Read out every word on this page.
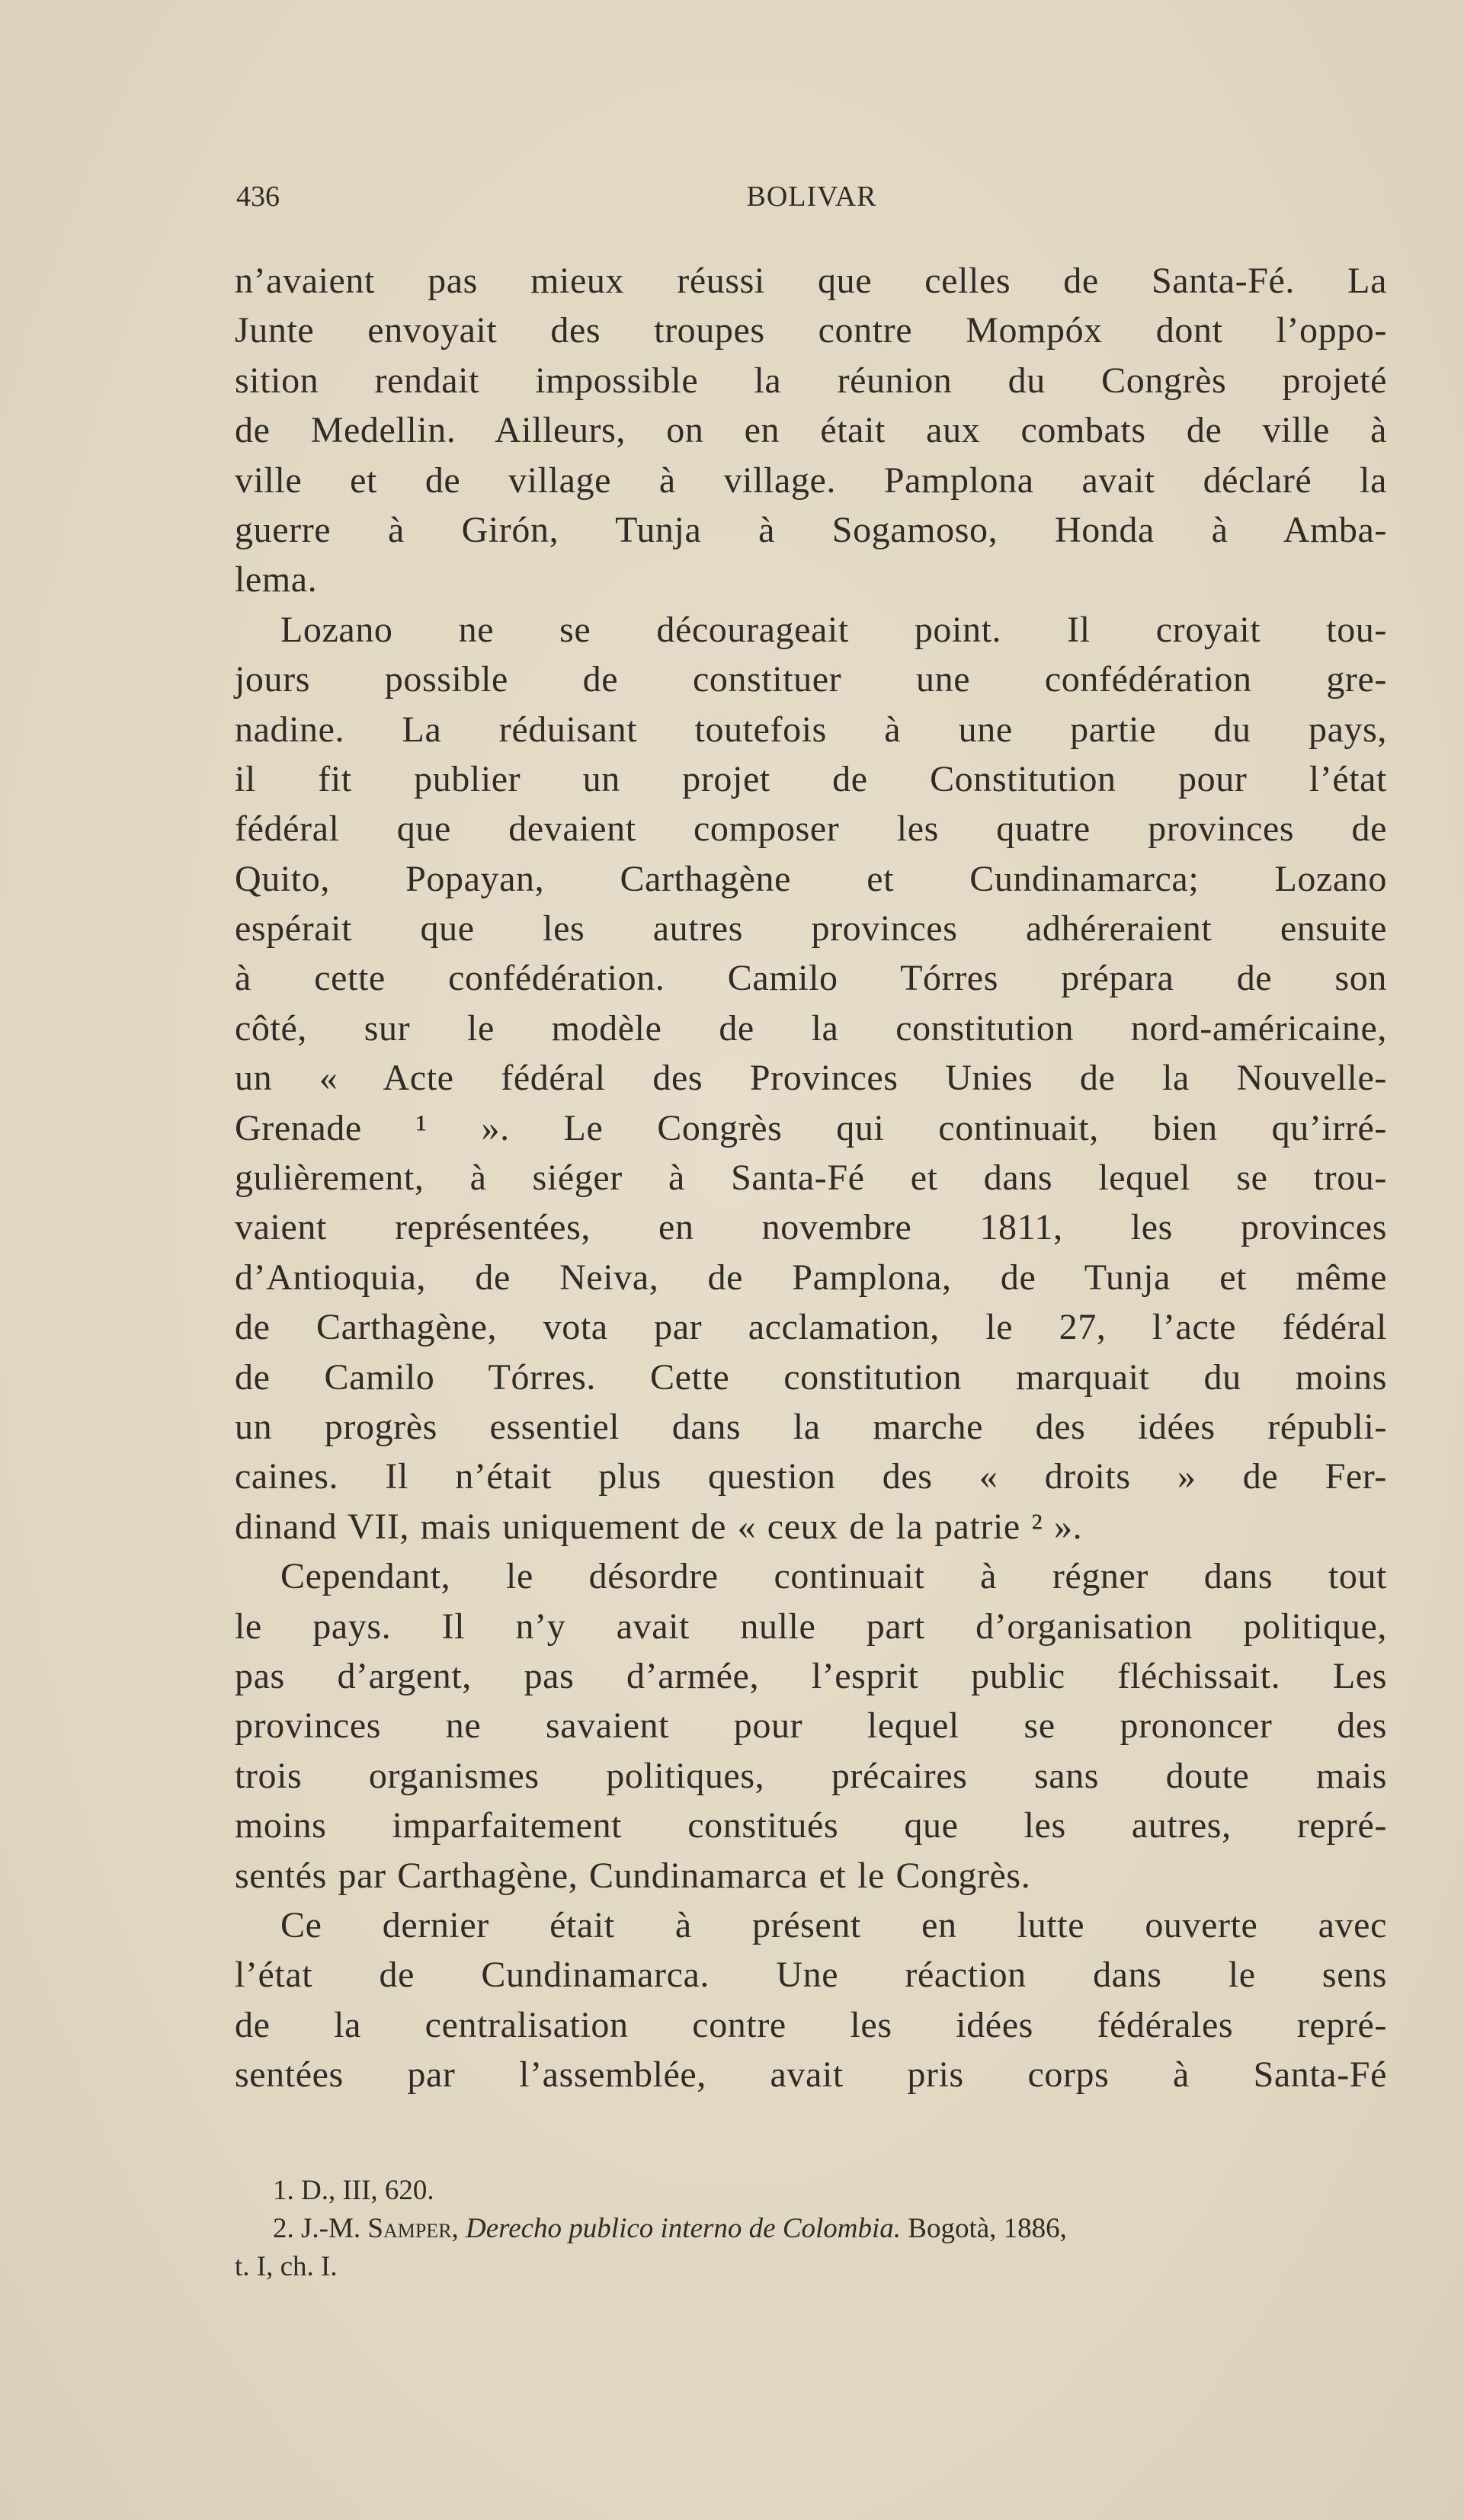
436	BOLIVAR
n’avaient pas mieux réussi que celles de Santa-Fé. La
Junte envoyait des troupes contre Mompóx dont l’oppo-
sition rendait impossible la réunion du Congrès projeté
de Medellin. Ailleurs, on en était aux combats de ville à
ville et de village à village. Pamplona avait déclaré la
guerre à Girón, Tunja à Sogamoso, Honda à Amba-
lema.
Lozano ne se décourageait point. Il croyait tou-
jours possible de constituer une confédération gre-
nadine. La réduisant toutefois à une partie du pays,
il fit publier un projet de Constitution pour l’état
fédéral que devaient composer les quatre provinces de
Quito, Popayan, Carthagène et Cundinamarca; Lozano
espérait que les autres provinces adhéreraient ensuite
à cette confédération. Camilo Tórres prépara de son
côté, sur le modèle de la constitution nord-américaine,
un « Acte fédéral des Provinces Unies de la Nouvelle-
Grenade ¹ ». Le Congrès qui continuait, bien qu’irré-
gulièrement, à siéger à Santa-Fé et dans lequel se trou-
vaient représentées, en novembre 1811, les provinces
d’Antioquia, de Neiva, de Pamplona, de Tunja et même
de Carthagène, vota par acclamation, le 27, l’acte fédéral
de Camilo Tórres. Cette constitution marquait du moins
un progrès essentiel dans la marche des idées républi-
caines. Il n’était plus question des « droits » de Fer-
dinand VII, mais uniquement de « ceux de la patrie ² ».
Cependant, le désordre continuait à régner dans tout
le pays. Il n’y avait nulle part d’organisation politique,
pas d’argent, pas d’armée, l’esprit public fléchissait. Les
provinces ne savaient pour lequel se prononcer des
trois organismes politiques, précaires sans doute mais
moins imparfaitement constitués que les autres, repré-
sentés par Carthagène, Cundinamarca et le Congrès.
Ce dernier était à présent en lutte ouverte avec
l’état de Cundinamarca. Une réaction dans le sens
de la centralisation contre les idées fédérales repré-
sentées par l’assemblée, avait pris corps à Santa-Fé
1. D., III, 620.
2. J.-M. Samper, Derecho publico interno de Colombia. Bogotà, 1886,
t. I, ch. I.
